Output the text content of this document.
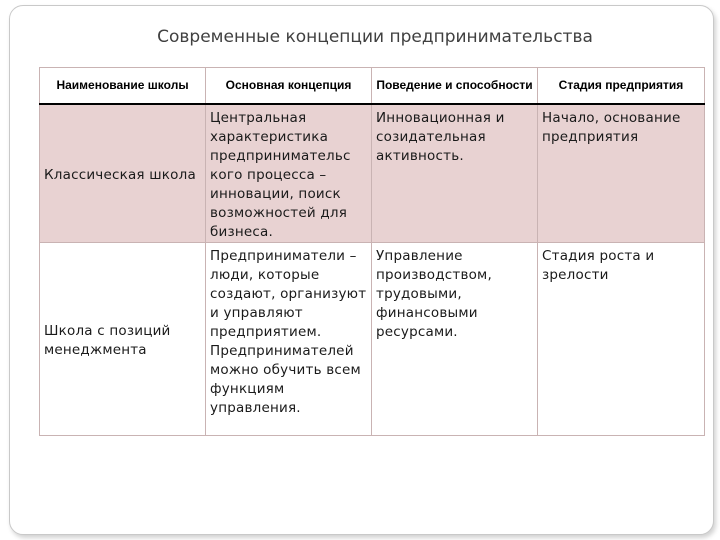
Современные концепции предпринимательства
Наименование школы	Основная концепция	Поведение и способности	Стадия предприятия

Классическая школа	Центральная характеристика предпринимательс кого процесса – инновации, поиск возможностей для бизнеса.	Инновационная и созидательная активность.	Начало, основание предприятия

Школа с позиций менеджмента	Предприниматели – люди, которые создают, организуют и управляют предприятием. Предпринимателей можно обучить всем функциям управления.	Управление производством, трудовыми, финансовыми ресурсами.	Стадия роста и зрелости
